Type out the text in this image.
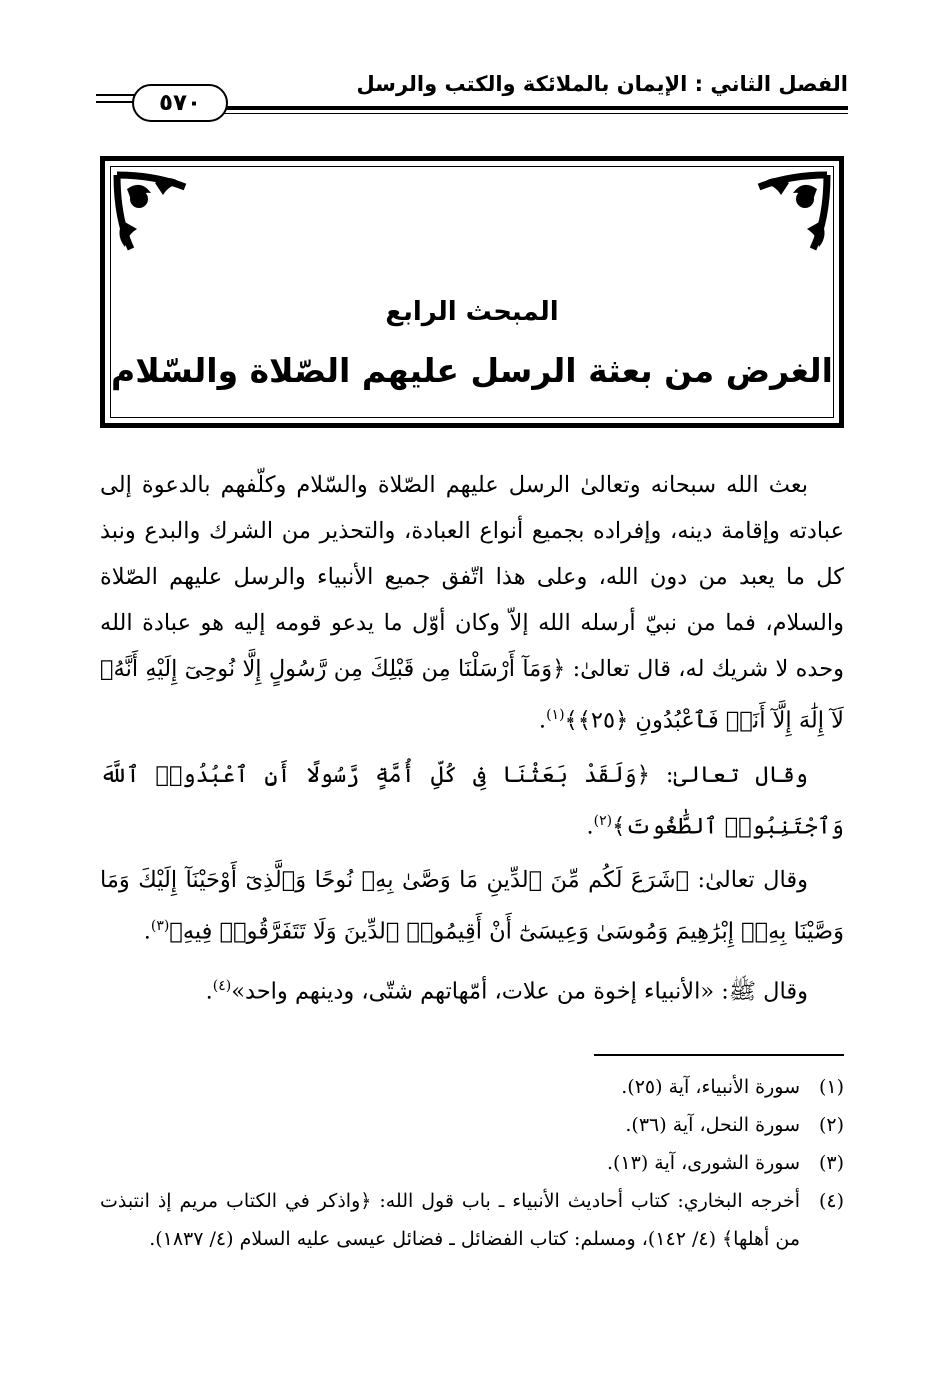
الفصل الثاني : الإيمان بالملائكة والكتب والرسل
٥٧٠
المبحث الرابع
الغرض من بعثة الرسل عليهم الصّلاة والسّلام

بعث الله سبحانه وتعالىٰ الرسل عليهم الصّلاة والسّلام وكلّفهم بالدعوة إلى عبادته وإقامة دينه، وإفراده بجميع أنواع العبادة، والتحذير من الشرك والبدع ونبذ كل ما يعبد من دون الله، وعلى هذا اتّفق جميع الأنبياء والرسل عليهم الصّلاة والسلام، فما من نبيّ أرسله الله إلاّ وكان أوّل ما يدعو قومه إليه هو عبادة الله وحده لا شريك له، قال تعالىٰ: ﴿وَمَآ أَرْسَلْنَا مِن قَبْلِكَ مِن رَّسُولٍ إِلَّا نُوحِىٓ إِلَيْهِ أَنَّهُۥ لَآ إِلَٰهَ إِلَّآ أَنَا۠ فَٱعْبُدُونِ ﴿٢٥﴾﴾$^{(١)}$.

وقال تعالىٰ: ﴿وَلَقَدْ بَعَثْنَا فِى كُلِّ أُمَّةٍ رَّسُولًا أَنِ ٱعْبُدُوا۟ ٱللَّهَ وَٱجْتَنِبُوا۟ ٱلطَّٰغُوتَ﴾$^{(٢)}$.

وقال تعالىٰ: ﴿شَرَعَ لَكُم مِّنَ ٱلدِّينِ مَا وَصَّىٰ بِهِۦ نُوحًا وَٱلَّذِىٓ أَوْحَيْنَآ إِلَيْكَ وَمَا وَصَّيْنَا بِهِۦٓ إِبْرَٰهِيمَ وَمُوسَىٰ وَعِيسَىٰٓ أَنْ أَقِيمُوا۟ ٱلدِّينَ وَلَا تَتَفَرَّقُوا۟ فِيهِ﴾$^{(٣)}$.

وقال ﷺ: «الأنبياء إخوة من علات، أمّهاتهم شتّى، ودينهم واحد»$^{(٤)}$.

(١)
سورة الأنبياء، آية (٢٥).
(٢)
سورة النحل، آية (٣٦).
(٣)
سورة الشورى، آية (١٣).
(٤)
أخرجه البخاري: كتاب أحاديث الأنبياء ـ باب قول الله: ﴿واذكر في الكتاب مريم إذ انتبذت من أهلها﴾ (٤/ ١٤٢)، ومسلم: كتاب الفضائل ـ فضائل عيسى عليه السلام (٤/ ١٨٣٧).
